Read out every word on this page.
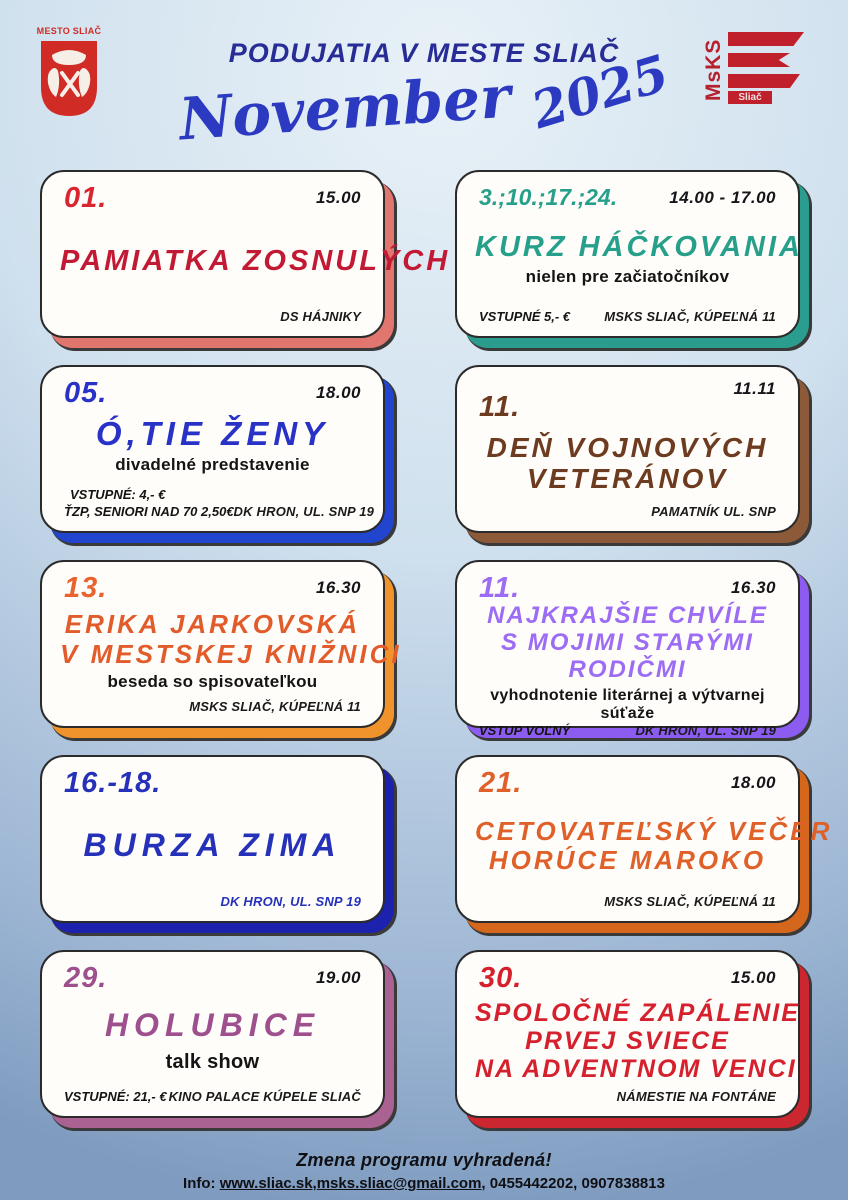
MESTO SLIAČ
PODUJATIA V MESTE SLIAČ
November 2025	MsKS	Sliač
01.	15.00
PAMIATKA ZOSNULÝCH
DS HÁJNIKY
3.;10.;17.;24.	14.00 - 17.00
KURZ HÁČKOVANIA
nielen pre začiatočníkov
VSTUPNÉ 5,- €	MSKS SLIAČ, KÚPEĽNÁ 11
05.	18.00
Ó,TIE ŽENY
divadelné predstavenie
VSTUPNÉ: 4,- €
ŤZP, SENIORI NAD 70 2,50€ DK HRON, UL. SNP 19
11.11
11.
DEŇ VOJNOVÝCH
VETERÁNOV
PAMATNÍK UL. SNP
13.	16.30
ERIKA JARKOVSKÁ
V MESTSKEJ KNIŽNICI
beseda so spisovateľkou
MSKS SLIAČ, KÚPEĽNÁ 11
11.	16.30
NAJKRAJŠIE CHVÍLE
S MOJIMI STARÝMI
RODIČMI
vyhodnotenie literárnej a výtvarnej súťaže
VSTUP VOĽNÝ	DK HRON, UL. SNP 19
16.-18.
BURZA ZIMA
DK HRON, UL. SNP 19
21.	18.00
CETOVATEĽSKÝ VEČER
HORÚCE MAROKO
MSKS SLIAČ, KÚPEĽNÁ 11
29.	19.00
HOLUBICE
talk show
VSTUPNÉ: 21,- € KINO PALACE KÚPELE SLIAČ
30.	15.00
SPOLOČNÉ ZAPÁLENIE
PRVEJ SVIECE
NA ADVENTNOM VENCI
NÁMESTIE NA FONTÁNE
Zmena programu vyhradená!
Info: www.sliac.sk,msks.sliac@gmail.com, 0455442202, 0907838813
